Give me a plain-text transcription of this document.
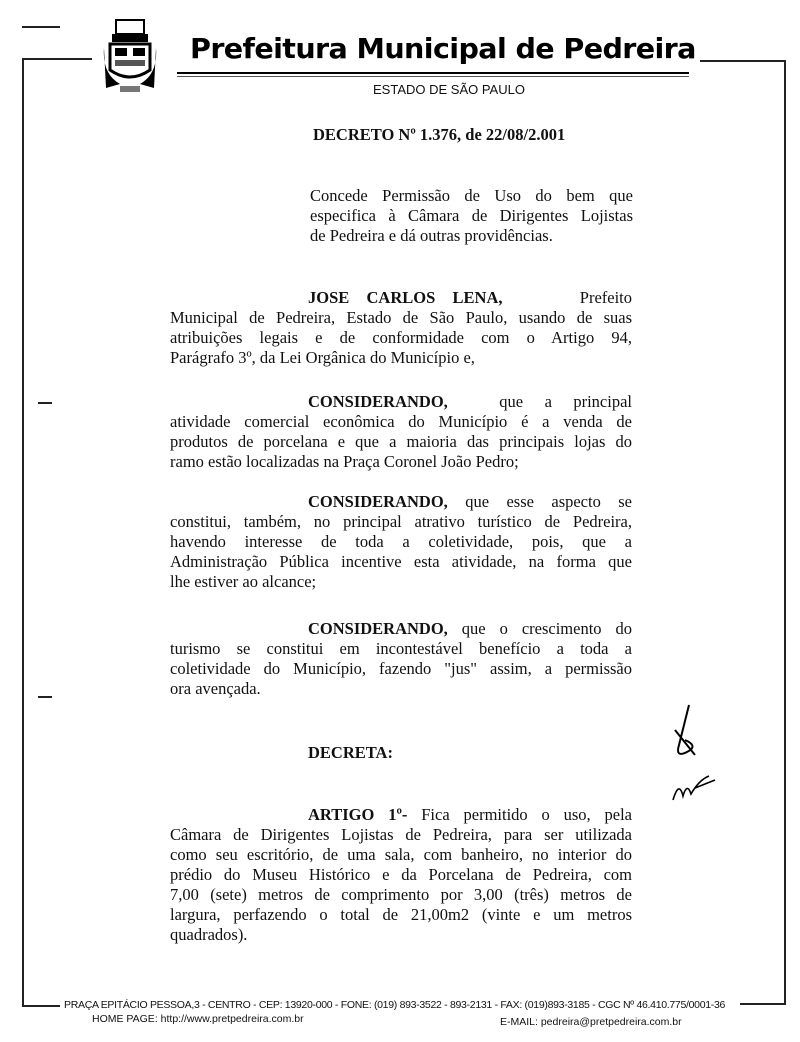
Prefeitura Municipal de Pedreira
ESTADO DE SÃO PAULO
DECRETO Nº 1.376, de 22/08/2.001
Concede Permissão de Uso do bem que
especifica à Câmara de Dirigentes Lojistas
de Pedreira e dá outras providências.
JOSE CARLOS LENA,	Prefeito
Municipal de Pedreira, Estado de São Paulo, usando de suas
atribuições legais e de conformidade com o Artigo 94,
Parágrafo 3º, da Lei Orgânica do Município e,
CONSIDERANDO,	que a principal
atividade comercial econômica do Município é a venda de
produtos de porcelana e que a maioria das principais lojas do
ramo estão localizadas na Praça Coronel João Pedro;
CONSIDERANDO, que esse aspecto se
constitui, também, no principal atrativo turístico de Pedreira,
havendo interesse de toda a coletividade, pois, que a
Administração Pública incentive esta atividade, na forma que
lhe estiver ao alcance;
CONSIDERANDO, que o crescimento do
turismo se constitui em incontestável benefício a toda a
coletividade do Município, fazendo "jus" assim, a permissão
ora avençada.
DECRETA:
ARTIGO 1º- Fica permitido o uso, pela
Câmara de Dirigentes Lojistas de Pedreira, para ser utilizada
como seu escritório, de uma sala, com banheiro, no interior do
prédio do Museu Histórico e da Porcelana de Pedreira, com
7,00 (sete) metros de comprimento por 3,00 (três) metros de
largura, perfazendo o total de 21,00m2 (vinte e um metros
quadrados).
PRAÇA EPITÁCIO PESSOA,3 - CENTRO - CEP: 13920-000 - FONE: (019) 893-3522 - 893-2131 - FAX: (019)893-3185 - CGC Nº 46.410.775/0001-36
HOME PAGE: http://www.pretpedreira.com.br	E-MAIL: pedreira@pretpedreira.com.br
